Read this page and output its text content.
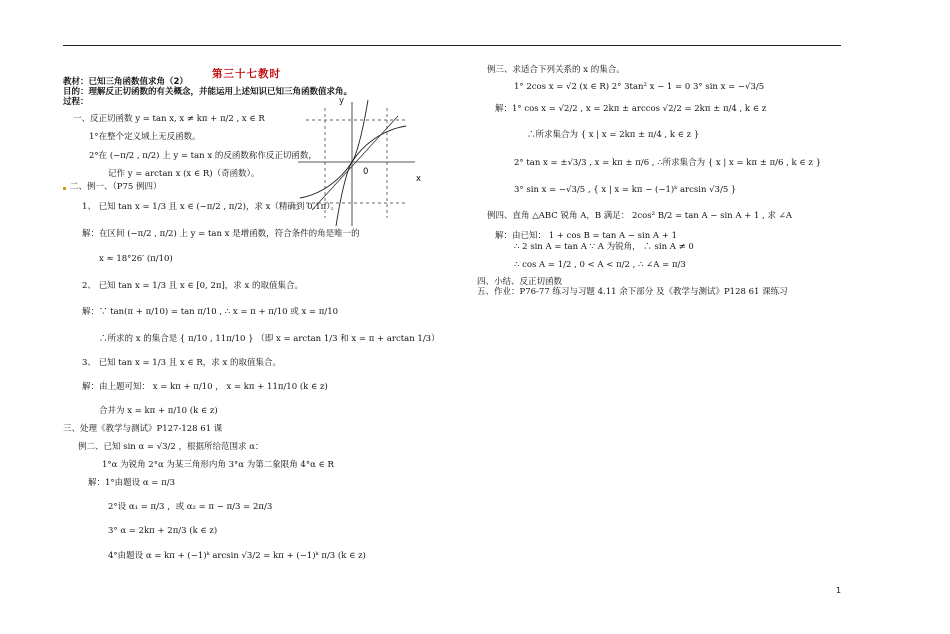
第三十七教时
教材：已知三角函数值求角（2）
目的：理解反正切函数的有关概念，并能运用上述知识已知三角函数值求角。
过程：
一、反正切函数 y = tan x, x ≠ kπ + π/2 , x ∈ R
1°在整个定义域上无反函数。
2°在 (−π/2 , π/2) 上 y = tan x 的反函数称作反正切函数，
记作 y = arctan x (x ∈ R)（奇函数）。
二、例一、（P75 例四）
1、 已知 tan x = 1/3 且 x ∈ (−π/2 , π/2)，求 x（精确到 0.1π）。
解：在区间 (−π/2 , π/2) 上 y = tan x 是增函数，符合条件的角是唯一的
x ≈ 18°26′ (π/10)
2、 已知 tan x = 1/3 且 x ∈ [0, 2π]，求 x 的取值集合。
解：∵ tan(π + π/10) = tan π/10 , ∴ x = π + π/10 或 x = π/10
∴所求的 x 的集合是 { π/10 , 11π/10 } （即 x = arctan 1/3 和 x = π + arctan 1/3）
3、 已知 tan x = 1/3 且 x ∈ R，求 x 的取值集合。
解：由上题可知： x = kπ + π/10 ， x = kπ + 11π/10 (k ∈ z)
合并为 x = kπ + π/10 (k ∈ z)
三、处理《教学与测试》P127-128 61 课
例二、已知 sin α = √3/2 ，根据所给范围求 α：
1°α 为锐角 2°α 为某三角形内角 3°α 为第二象限角 4°α ∈ R
解：1°由题设 α = π/3
2°设 α₁ = π/3 ，或 α₂ = π − π/3 = 2π/3
3° α = 2kπ + 2π/3 (k ∈ z)
4°由题设 α = kπ + (−1)ᵏ arcsin √3/2 = kπ + (−1)ᵏ π/3 (k ∈ z)
y
x
0
例三、求适合下列关系的 x 的集合。
1° 2cos x = √2 (x ∈ R) 2° 3tan² x − 1 = 0 3° sin x = −√3/5
解：1° cos x = √2/2 , x = 2kπ ± arccos √2/2 = 2kπ ± π/4 , k ∈ z
∴所求集合为 { x | x = 2kπ ± π/4 , k ∈ z }
2° tan x = ±√3/3 , x = kπ ± π/6 , ∴所求集合为 { x | x = kπ ± π/6 , k ∈ z }
3° sin x = −√3/5 , { x | x = kπ − (−1)ᵏ arcsin √3/5 }
例四、直角 △ABC 锐角 A，B 满足： 2cos² B/2 = tan A − sin A + 1 , 求 ∠A
解：由已知： 1 + cos B = tan A − sin A + 1
∴ 2 sin A = tan A ∵ A 为锐角， ∴ sin A ≠ 0
∴ cos A = 1/2 , 0 < A < π/2 , ∴ ∠A = π/3
四、小结、反正切函数
五、作业：P76-77 练习与习题 4.11 余下部分 及《教学与测试》P128 61 课练习
1
